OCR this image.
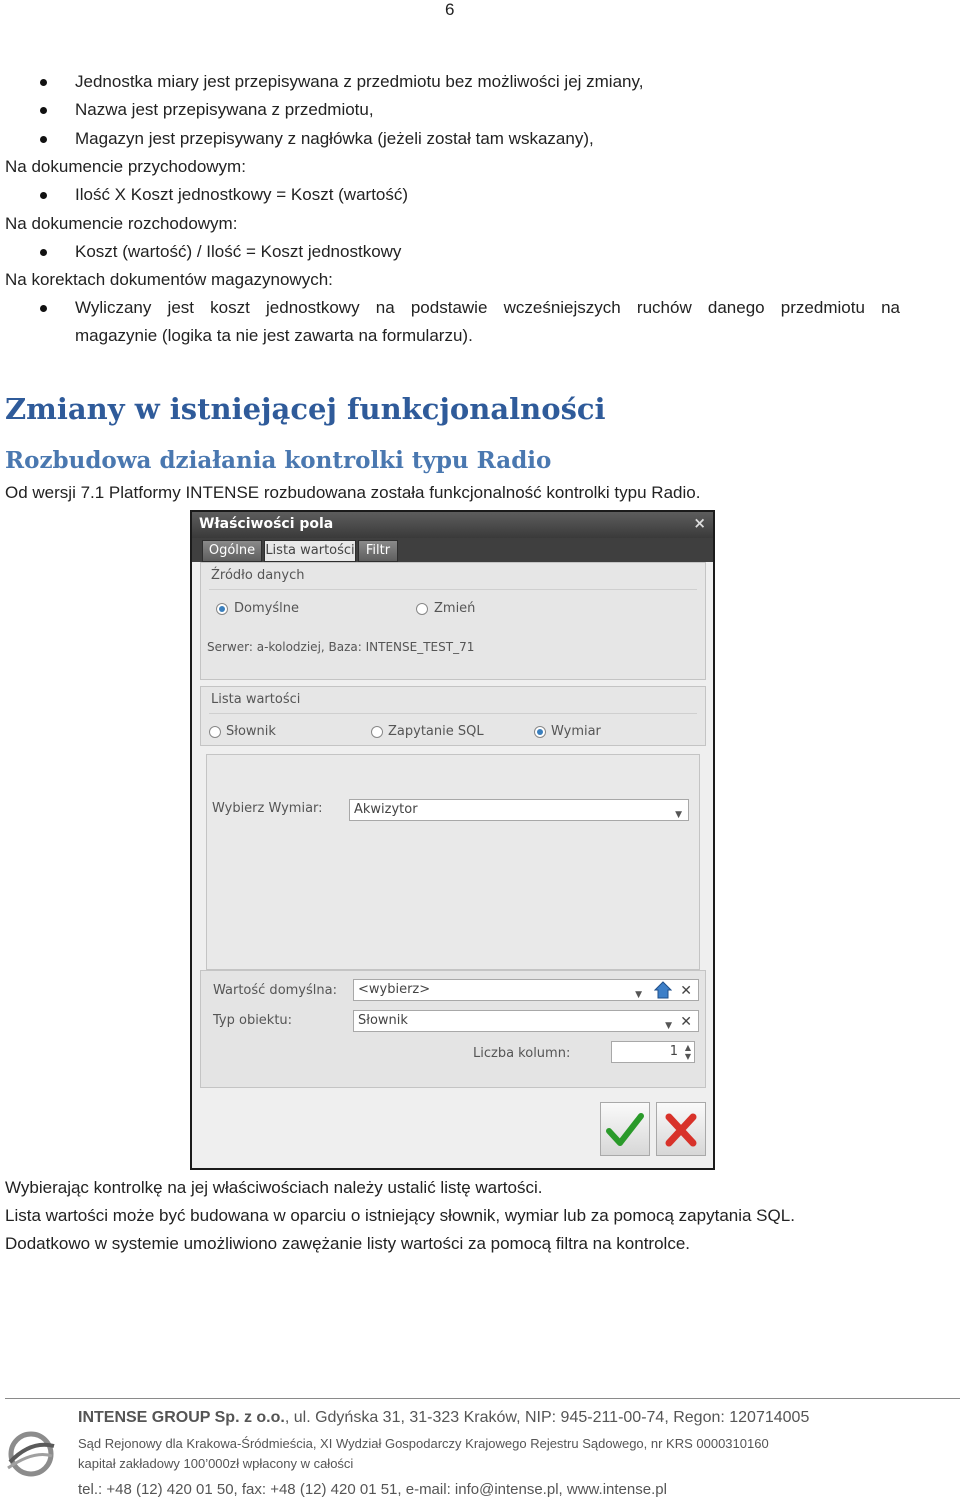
6
Jednostka miary jest przepisywana z przedmiotu bez możliwości jej zmiany,
Nazwa jest przepisywana z przedmiotu,
Magazyn jest przepisywany z nagłówka (jeżeli został tam wskazany),
Na dokumencie przychodowym:
Ilość X Koszt jednostkowy = Koszt (wartość)
Na dokumencie rozchodowym:
Koszt (wartość) / Ilość = Koszt jednostkowy
Na korektach dokumentów magazynowych:
Wyliczany jest koszt jednostkowy na podstawie wcześniejszych ruchów danego przedmiotu na
magazynie (logika ta nie jest zawarta na formularzu).
Zmiany w istniejącej funkcjonalności
Rozbudowa działania kontrolki typu Radio
Od wersji 7.1 Platformy INTENSE rozbudowana została funkcjonalność kontrolki typu Radio.
Właściwości pola	×
Ogólne Lista wartości Filtr
Źródło danych
Domyślne	Zmień
Serwer: a-kolodziej, Baza: INTENSE_TEST_71
Lista wartości
Słownik	Zapytanie SQL	Wymiar
Wybierz Wymiar:	Akwizytor	▼
Wartość domyślna:	<wybierz>	▼	✕
Typ obiektu:	Słownik	▼ ✕
Liczba kolumn:	1 ▲
▼
Wybierając kontrolkę na jej właściwościach należy ustalić listę wartości.
Lista wartości może być budowana w oparciu o istniejący słownik, wymiar lub za pomocą zapytania SQL.
Dodatkowo w systemie umożliwiono zawężanie listy wartości za pomocą filtra na kontrolce.
INTENSE GROUP Sp. z o.o., ul. Gdyńska 31, 31-323 Kraków, NIP: 945-211-00-74, Regon: 120714005
Sąd Rejonowy dla Krakowa-Śródmieścia, XI Wydział Gospodarczy Krajowego Rejestru Sądowego, nr KRS 0000310160
kapitał zakładowy 100’000zł wpłacony w całości
tel.: +48 (12) 420 01 50, fax: +48 (12) 420 01 51, e-mail: info@intense.pl, www.intense.pl
